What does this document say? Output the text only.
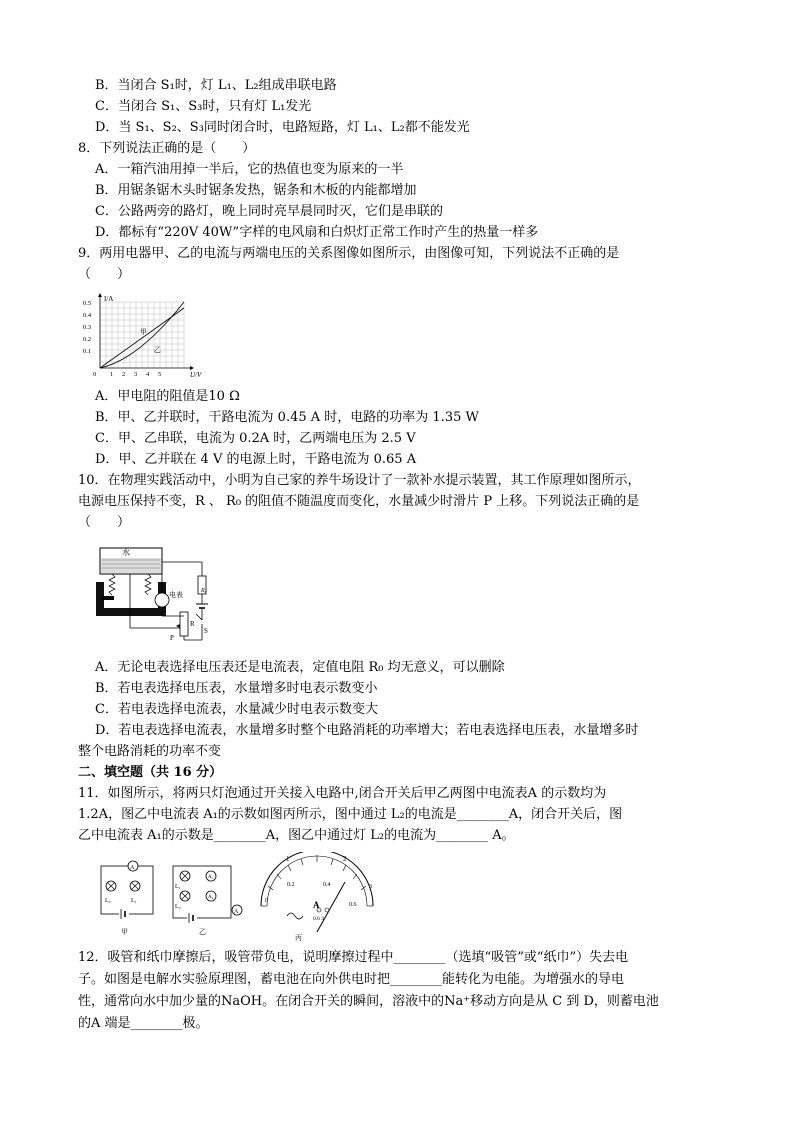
B．当闭合 S₁时，灯 L₁、L₂组成串联电路
C．当闭合 S₁、S₃时，只有灯 L₁发光
D．当 S₁、S₂、S₃同时闭合时，电路短路，灯 L₁、L₂都不能发光
8．下列说法正确的是（　　）
A．一箱汽油用掉一半后，它的热值也变为原来的一半
B．用锯条锯木头时锯条发热，锯条和木板的内能都增加
C．公路两旁的路灯，晚上同时亮早晨同时灭，它们是串联的
D．都标有“220V 40W”字样的电风扇和白炽灯正常工作时产生的热量一样多
9．两用电器甲、乙的电流与两端电压的关系图像如图所示，由图像可知，下列说法不正确的是
（　　）
I/A
U/V
0.5
0.4
0.3
0.2
0.1
0 1 2 3 4 5
甲
乙
A．甲电阻的阻值是10 Ω
B．甲、乙并联时，干路电流为 0.45 A 时，电路的功率为 1.35 W
C．甲、乙串联，电流为 0.2A 时，乙两端电压为 2.5 V
D．甲、乙并联在 4 V 的电源上时，干路电流为 0.65 A
10．在物理实践活动中，小明为自己家的养牛场设计了一款补水提示装置，其工作原理如图所示，
电源电压保持不变，R 、 R₀ 的阻值不随温度而变化，水量减少时滑片 P 上移。下列说法正确的是
（　　）
水
R₀
S
电表
R
P
A．无论电表选择电压表还是电流表，定值电阻 R₀ 均无意义，可以删除
B．若电表选择电压表，水量增多时电表示数变小
C．若电表选择电流表，水量减少时电表示数变大
D．若电表选择电流表，水量增多时整个电路消耗的功率增大；若电表选择电压表，水量增多时
整个电路消耗的功率不变
二、填空题（共 16 分）
11．如图所示，将两只灯泡通过开关接入电路中,闭合开关后甲乙两图中电流表A 的示数均为
1.2A，图乙中电流表 A₁的示数如图丙所示，图中通过 L₂的电流是________A，闭合开关后，图
乙中电流表 A₁的示数是________A，图乙中通过灯 L₂的电流为________ A。
A
L₂	L₁
甲
A₁
A₂
A
L₁
L₂
乙
1	2
0.2	0.4
0
3
0.6
A
0.6 3
丙
12．吸管和纸巾摩擦后，吸管带负电，说明摩擦过程中________（选填“吸管”或“纸巾”）失去电
子。如图是电解水实验原理图，蓄电池在向外供电时把________能转化为电能。为增强水的导电
性，通常向水中加少量的NaOH。在闭合开关的瞬间，溶液中的Na⁺移动方向是从 C 到 D，则蓄电池
的A 端是________极。
